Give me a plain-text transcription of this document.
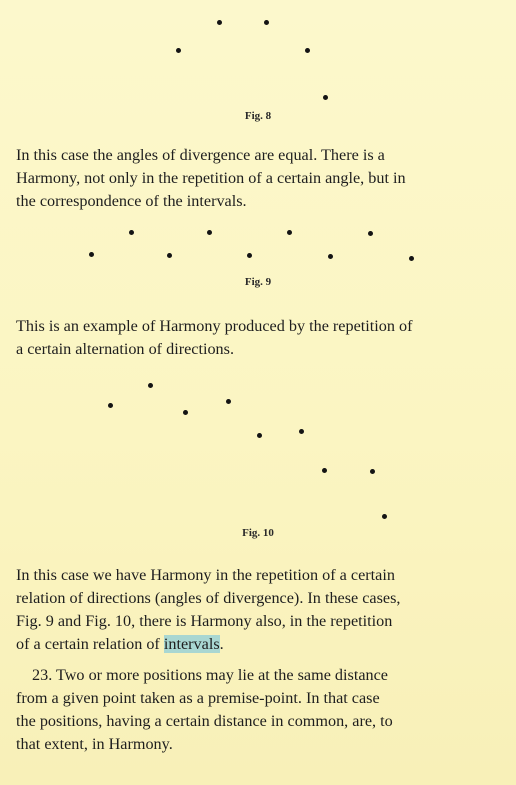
Fig. 8
In this case the angles of divergence are equal. There is a
Harmony, not only in the repetition of a certain angle, but in
the correspondence of the intervals.
Fig. 9
This is an example of Harmony produced by the repetition of
a certain alternation of directions.
Fig. 10
In this case we have Harmony in the repetition of a certain
relation of directions (angles of divergence). In these cases,
Fig. 9 and Fig. 10, there is Harmony also, in the repetition
of a certain relation of intervals.
23. Two or more positions may lie at the same distance
from a given point taken as a premise-point. In that case
the positions, having a certain distance in common, are, to
that extent, in Harmony.
